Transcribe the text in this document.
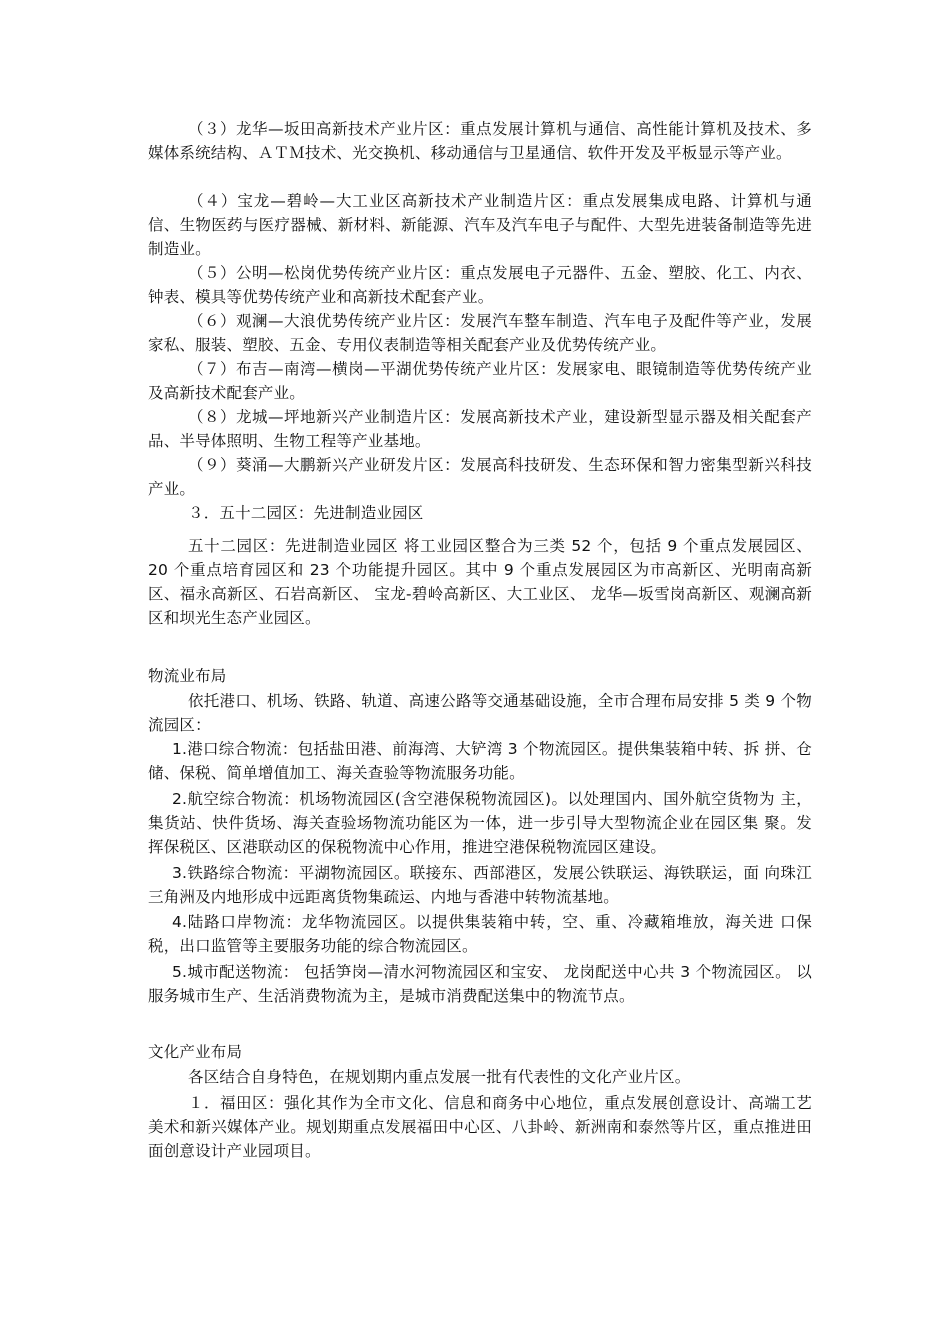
（３）龙华—坂田高新技术产业片区：重点发展计算机与通信、高性能计算机及技术、多媒体系统结构、ＡＴＭ技术、光交换机、移动通信与卫星通信、软件开发及平板显示等产业。

（４）宝龙—碧岭—大工业区高新技术产业制造片区：重点发展集成电路、计算机与通信、生物医药与医疗器械、新材料、新能源、汽车及汽车电子与配件、大型先进装备制造等先进制造业。

（５）公明—松岗优势传统产业片区：重点发展电子元器件、五金、塑胶、化工、内衣、钟表、模具等优势传统产业和高新技术配套产业。

（６）观澜—大浪优势传统产业片区：发展汽车整车制造、汽车电子及配件等产业，发展家私、服装、塑胶、五金、专用仪表制造等相关配套产业及优势传统产业。

（７）布吉—南湾—横岗—平湖优势传统产业片区：发展家电、眼镜制造等优势传统产业及高新技术配套产业。

（８）龙城—坪地新兴产业制造片区：发展高新技术产业，建设新型显示器及相关配套产品、半导体照明、生物工程等产业基地。

（９）葵涌—大鹏新兴产业研发片区：发展高科技研发、生态环保和智力密集型新兴科技产业。

３．五十二园区：先进制造业园区

五十二园区：先进制造业园区 将工业园区整合为三类 52 个，包括 9 个重点发展园区、20 个重点培育园区和 23 个功能提升园区。其中 9 个重点发展园区为市高新区、光明南高新区、福永高新区、石岩高新区、 宝龙-碧岭高新区、大工业区、 龙华—坂雪岗高新区、观澜高新区和坝光生态产业园区。

物流业布局

依托港口、机场、铁路、轨道、高速公路等交通基础设施，全市合理布局安排 5 类 9 个物流园区：

1.港口综合物流：包括盐田港、前海湾、大铲湾 3 个物流园区。提供集装箱中转、拆 拼、仓储、保税、简单增值加工、海关查验等物流服务功能。

2.航空综合物流：机场物流园区(含空港保税物流园区)。以处理国内、国外航空货物为 主，集货站、快件货场、海关查验场物流功能区为一体，进一步引导大型物流企业在园区集 聚。发挥保税区、区港联动区的保税物流中心作用，推进空港保税物流园区建设。

3.铁路综合物流：平湖物流园区。联接东、西部港区，发展公铁联运、海铁联运，面 向珠江三角洲及内地形成中远距离货物集疏运、内地与香港中转物流基地。

4.陆路口岸物流：龙华物流园区。以提供集装箱中转，空、重、冷藏箱堆放，海关进 口保税，出口监管等主要服务功能的综合物流园区。

5.城市配送物流： 包括笋岗—清水河物流园区和宝安、 龙岗配送中心共 3 个物流园区。 以服务城市生产、生活消费物流为主，是城市消费配送集中的物流节点。

文化产业布局

各区结合自身特色，在规划期内重点发展一批有代表性的文化产业片区。

１．福田区：强化其作为全市文化、信息和商务中心地位，重点发展创意设计、高端工艺美术和新兴媒体产业。规划期重点发展福田中心区、八卦岭、新洲南和泰然等片区，重点推进田面创意设计产业园项目。
